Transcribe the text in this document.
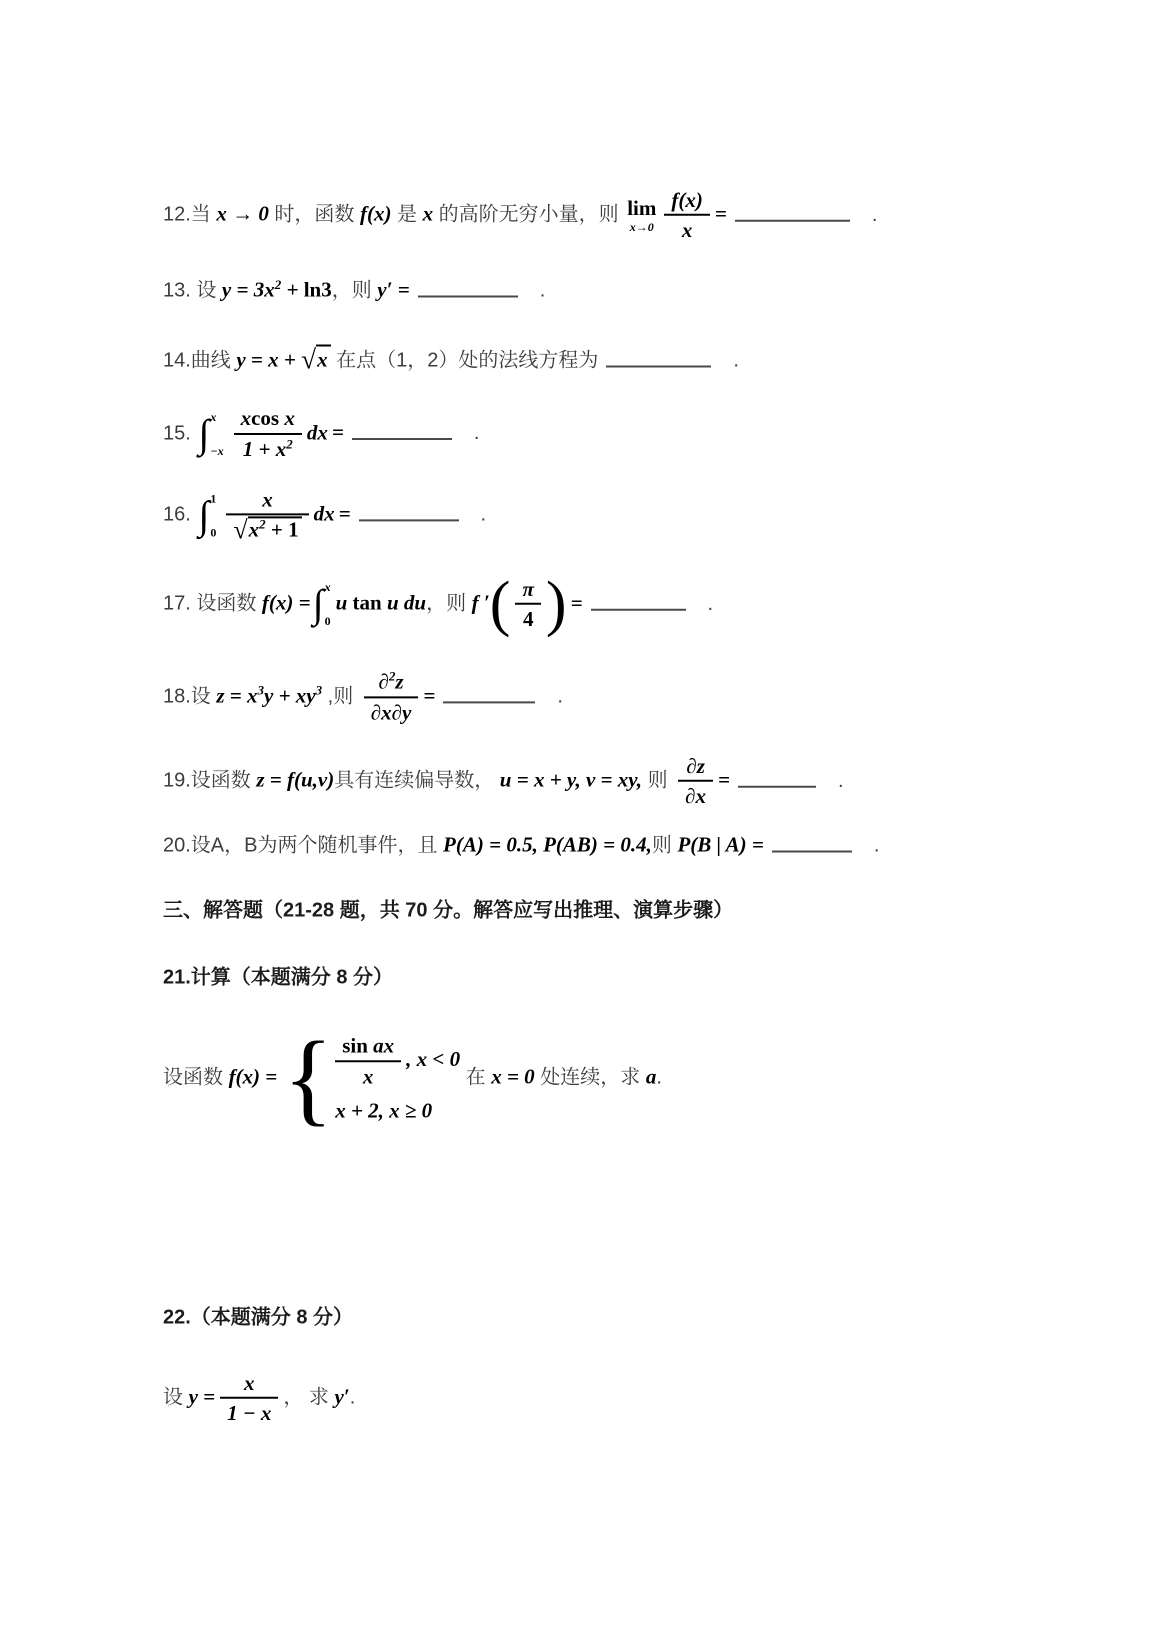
12.当 x → 0 时，函数 f(x) 是 x 的高阶无穷小量，则 lim
$x\to 0 \frac{f(x)}{x}$ =	.
13. 设 $y = 3x^2 + \ln 3$，则 y′ =	.
14.曲线 y = x + √x 在点（1，2）处的法线方程为	.
15. ∫ x
$-x \frac{\text{xcos x}}{1 + x^2}$ dx =	.
16. ∫ 1
$0 \frac{x}{√x^2 + 1}$ dx =	.
17. 设函数 f(x) = ∫ x
0
u tan u du，则 f ′( $\frac{\pi}{4}$ ) =	.
18.设 $z = x^3y + xy^3$ ,则 $\frac{\partial^2z}{\partial x\partial y}$ =	.
19.设函数 z = f(u,v)具有连续偏导数， u = x + y, v = xy, 则 $\frac{\partial z}{\partial x}$ =	.
20.设A，B为两个随机事件，且 P(A) = 0.5, P(AB) = 0.4,则 P(B | A) =	.
三、解答题（21-28 题，共 70 分。解答应写出推理、演算步骤）
21.计算（本题满分 8 分）
设函数 f(x) ={ $\frac{\text{sin ax}}{x}$ , x < 0
x + 2, x ≥ 0
在 x = 0 处连续，求 a.
22.（本题满分 8 分）
设 $y = \frac{x}{1 - x}$ ， 求 y′.
